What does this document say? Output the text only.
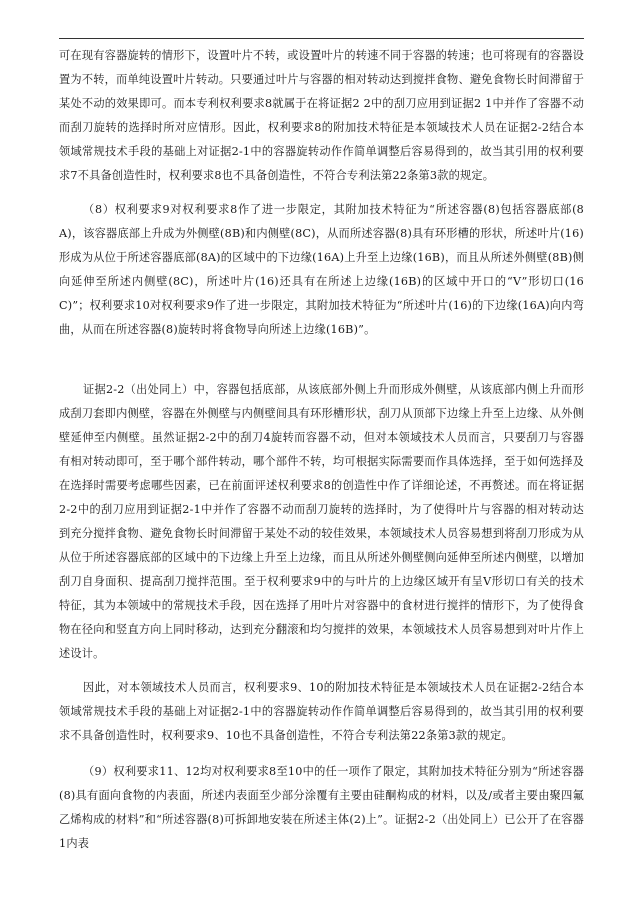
可在现有容器旋转的情形下，设置叶片不转，或设置叶片的转速不同于容器的转速；也可将现有的容器设置为不转，而单纯设置叶片转动。只要通过叶片与容器的相对转动达到搅拌食物、避免食物长时间滞留于某处不动的效果即可。而本专利权利要求8就属于在将证据2 2中的刮刀应用到证据2 1中并作了容器不动而刮刀旋转的选择时所对应情形。因此，权利要求8的附加技术特征是本领域技术人员在证据2-2结合本领域常规技术手段的基础上对证据2-1中的容器旋转动作作简单调整后容易得到的，故当其引用的权利要求7不具备创造性时，权利要求8也不具备创造性，不符合专利法第22条第3款的规定。

（8）权利要求9对权利要求8作了进一步限定，其附加技术特征为“所述容器(8)包括容器底部(8A)，该容器底部上升成为外侧壁(8B)和内侧壁(8C)，从而所述容器(8)具有环形槽的形状，所述叶片(16)形成为从位于所述容器底部(8A)的区域中的下边缘(16A)上升至上边缘(16B)，而且从所述外侧壁(8B)侧向延伸至所述内侧壁(8C)，所述叶片(16)还具有在所述上边缘(16B)的区域中开口的“V”形切口(16C)”；权利要求10对权利要求9作了进一步限定，其附加技术特征为“所述叶片(16)的下边缘(16A)向内弯曲，从而在所述容器(8)旋转时将食物导向所述上边缘(16B)”。

证据2-2（出处同上）中，容器包括底部，从该底部外侧上升而形成外侧壁，从该底部内侧上升而形成刮刀套即内侧壁，容器在外侧壁与内侧壁间具有环形槽形状，刮刀从顶部下边缘上升至上边缘、从外侧壁延伸至内侧壁。虽然证据2-2中的刮刀4旋转而容器不动，但对本领域技术人员而言，只要刮刀与容器有相对转动即可，至于哪个部件转动，哪个部件不转，均可根据实际需要而作具体选择，至于如何选择及在选择时需要考虑哪些因素，已在前面评述权利要求8的创造性中作了详细论述，不再赘述。而在将证据2-2中的刮刀应用到证据2-1中并作了容器不动而刮刀旋转的选择时，为了使得叶片与容器的相对转动达到充分搅拌食物、避免食物长时间滞留于某处不动的较佳效果，本领域技术人员容易想到将刮刀形成为从从位于所述容器底部的区域中的下边缘上升至上边缘，而且从所述外侧壁侧向延伸至所述内侧壁，以增加刮刀自身面积、提高刮刀搅拌范围。至于权利要求9中的与叶片的上边缘区域开有呈V形切口有关的技术特征，其为本领域中的常规技术手段，因在选择了用叶片对容器中的食材进行搅拌的情形下，为了使得食物在径向和竖直方向上同时移动，达到充分翻滚和均匀搅拌的效果，本领域技术人员容易想到对叶片作上述设计。

因此，对本领域技术人员而言，权利要求9、10的附加技术特征是本领域技术人员在证据2-2结合本领域常规技术手段的基础上对证据2-1中的容器旋转动作作简单调整后容易得到的，故当其引用的权利要求不具备创造性时，权利要求9、10也不具备创造性，不符合专利法第22条第3款的规定。

（9）权利要求11、12均对权利要求8至10中的任一项作了限定，其附加技术特征分别为“所述容器(8)具有面向食物的内表面，所述内表面至少部分涂覆有主要由硅酮构成的材料，以及/或者主要由聚四氟乙烯构成的材料”和“所述容器(8)可拆卸地安装在所述主体(2)上”。证据2-2（出处同上）已公开了在容器1内表
